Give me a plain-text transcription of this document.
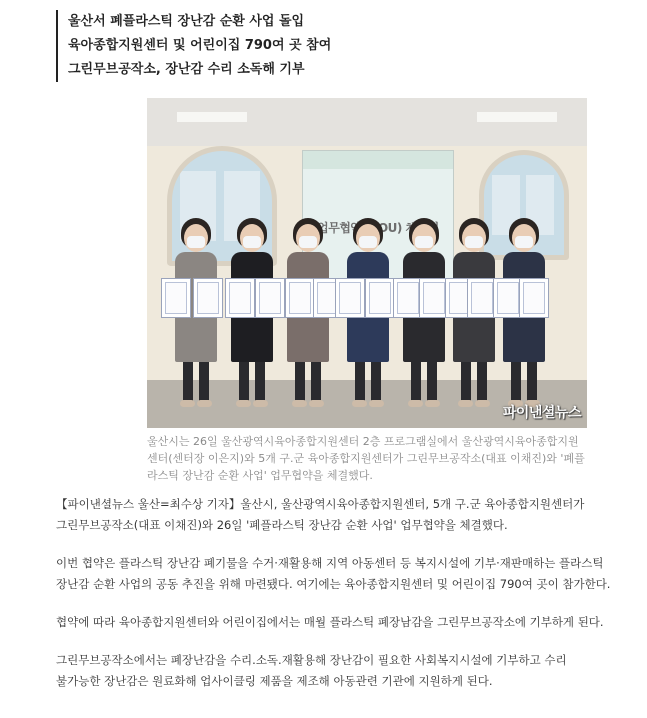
울산서 폐플라스틱 장난감 순환 사업 돌입
육아종합지원센터 및 어린이집 790여 곳 참여
그린무브공작소, 장난감 수리 소독해 기부
파이낸셜뉴스
울산시는 26일 울산광역시육아종합지원센터 2층 프로그램실에서 울산광역시육아종합지원센터(센터장 이은지)와 5개 구.군 육아종합지원센터가 그린무브공작소(대표 이채진)와 '폐플라스틱 장난감 순환 사업' 업무협약을 체결했다.

【파이낸셜뉴스 울산=최수상 기자】울산시, 울산광역시육아종합지원센터, 5개 구.군 육아종합지원센터가
그린무브공작소(대표 이채진)와 26일 '폐플라스틱 장난감 순환 사업' 업무협약을 체결했다.

이번 협약은 플라스틱 장난감 폐기물을 수거·재활용해 지역 아동센터 등 복지시설에 기부·재판매하는 플라스틱
장난감 순환 사업의 공동 추진을 위해 마련됐다. 여기에는 육아종합지원센터 및 어린이집 790여 곳이 참가한다.

협약에 따라 육아종합지원센터와 어린이집에서는 매월 플라스틱 폐장남감을 그린무브공작소에 기부하게 된다.

그린무브공작소에서는 폐장난감을 수리.소독.재활용해 장난감이 필요한 사회복지시설에 기부하고 수리
불가능한 장난감은 원료화해 업사이클링 제품을 제조해 아동관련 기관에 지원하게 된다.
